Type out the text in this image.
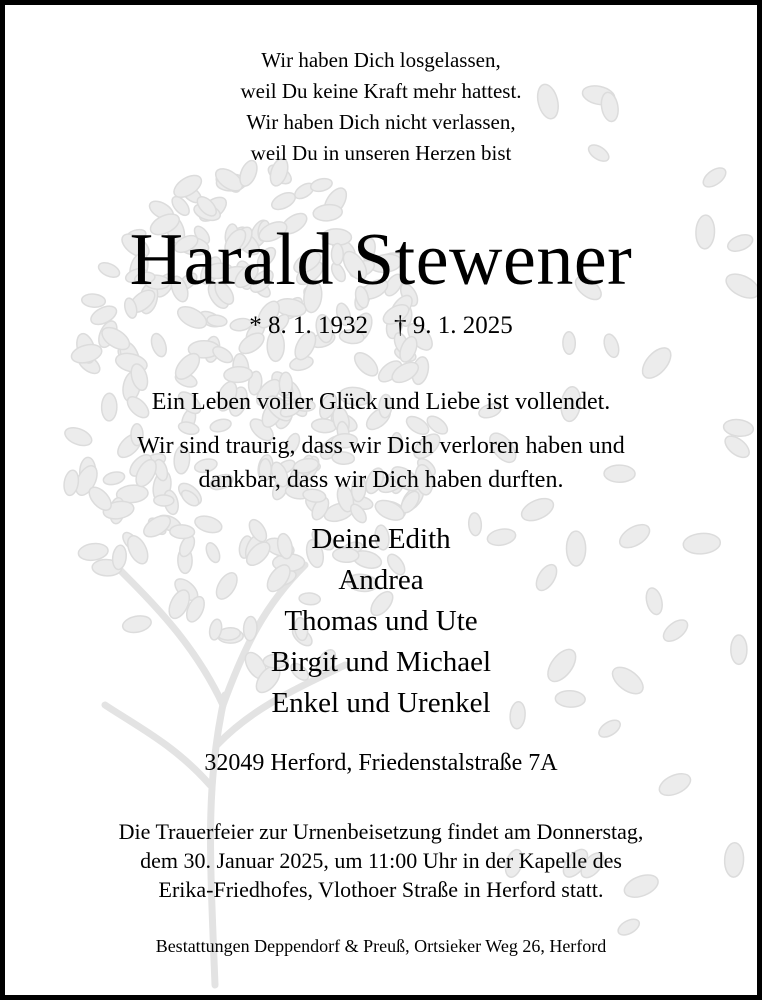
Wir haben Dich losgelassen,
weil Du keine Kraft mehr hattest.
Wir haben Dich nicht verlassen,
weil Du in unseren Herzen bist
Harald Stewener
* 8. 1. 1932 † 9. 1. 2025
Ein Leben voller Glück und Liebe ist vollendet.
Wir sind traurig, dass wir Dich verloren haben und
dankbar, dass wir Dich haben durften.
Deine Edith
Andrea
Thomas und Ute
Birgit und Michael
Enkel und Urenkel
32049 Herford, Friedenstalstraße 7A
Die Trauerfeier zur Urnenbeisetzung findet am Donnerstag,
dem 30. Januar 2025, um 11:00 Uhr in der Kapelle des
Erika-Friedhofes, Vlothoer Straße in Herford statt.
Bestattungen Deppendorf & Preuß, Ortsieker Weg 26, Herford
